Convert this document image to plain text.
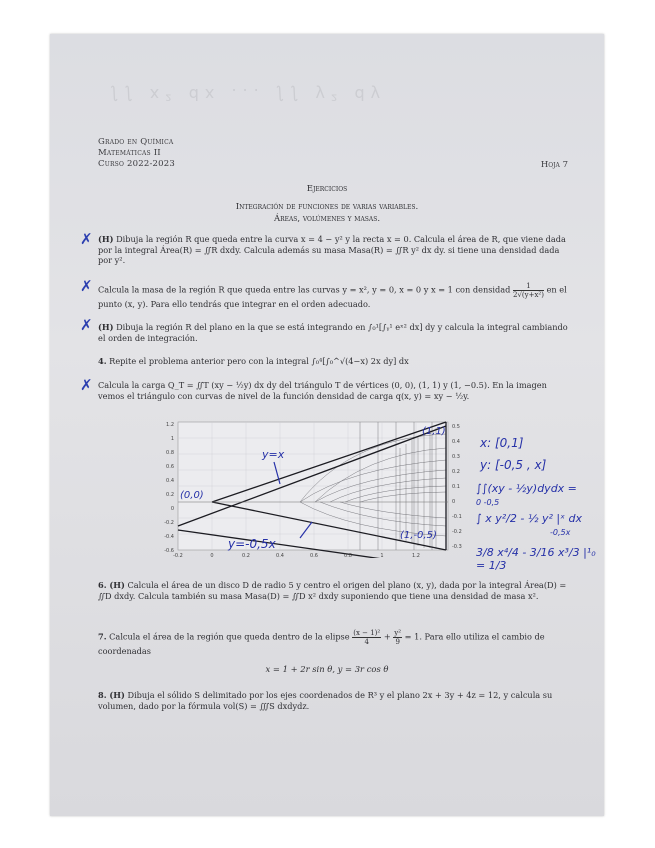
∫∫ x² dx ... ∫∫ y² dy
Grado en Química
Matemáticas II
Curso 2022-2023	Hoja 7
Ejercicios
Integración de funciones de varias variables.
Áreas, volúmenes y masas.
✗ (H) Dibuja la región R que queda entre la curva x = 4 − y² y la recta x = 0. Calcula el área de R, que viene dada por la integral Área(R) = ∬R dxdy. Calcula además su masa Masa(R) = ∬R y² dx dy. si tiene una densidad dada por y².
✗ Calcula la masa de la región R que queda entre las curvas y = x², y = 0, x = 0 y x = 1 con densidad $\frac{1}{\text{2√(y+x²)}}$ en el punto (x, y). Para ello tendrás que integrar en el orden adecuado.
✗ (H) Dibuja la región R del plano en la que se está integrando en ∫₀¹[∫ᵧ¹ eˣ² dx] dy y calcula la integral cambiando el orden de integración.
4. Repite el problema anterior pero con la integral ∫₀⁴[∫₀^√(4−x) 2x dy] dx
✗ Calcula la carga Q_T = ∬T (xy − ½y) dx dy del triángulo T de vértices (0, 0), (1, 1) y (1, −0.5). En la imagen vemos el triángulo con curvas de nivel de la función densidad de carga q(x, y) = xy − ½y.
1.2
1
0.8
0.6
0.4
0.2
0
-0.2
-0.4
-0.6
0.5
0.4
0.3
0.2
0.1
0
-0.1
-0.2
-0.3
-0.2	0	0.2	0.4	0.6	0.8	1	1.2
y=x
(0,0)
(1,1)
(1,-0,5)
y=-0,5x
x: [0,1]
y: [-0,5 , x]
∫∫(xy - ½y)dydx =
0 -0,5
∫ x y²/2 - ½ y² |ˣ dx
-0,5x
3/8 x⁴/4 - 3/16 x³/3 |¹₀ = 1/3
6. (H) Calcula el área de un disco D de radio 5 y centro el origen del plano (x, y), dada por la integral Área(D) = ∬D dxdy. Calcula también su masa Masa(D) = ∬D x² dxdy suponiendo que tiene una densidad de masa x².
7. Calcula el área de la región que queda dentro de la elipse $\frac{\text{(x − 1)²}}{4} + \frac{\text{y²}}{9} = 1$. Para ello utiliza el cambio de coordenadas
x = 1 + 2r sin θ, y = 3r cos θ
8. (H) Dibuja el sólido S delimitado por los ejes coordenados de R³ y el plano 2x + 3y + 4z = 12, y calcula su volumen, dado por la fórmula vol(S) = ∭S dxdydz.
